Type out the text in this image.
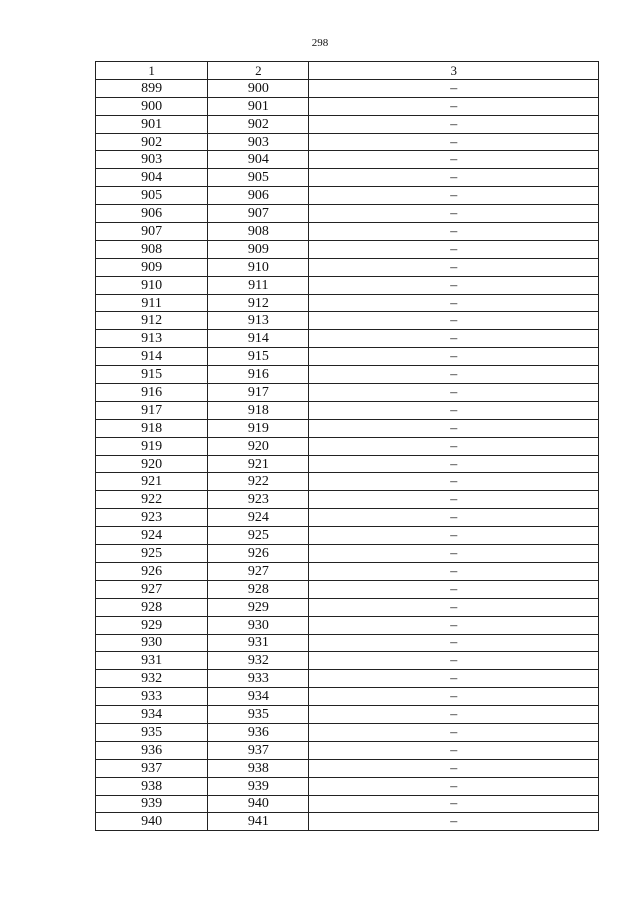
298
1	2	3
899	900	–
900	901	–
901	902	–
902	903	–
903	904	–
904	905	–
905	906	–
906	907	–
907	908	–
908	909	–
909	910	–
910	911	–
911	912	–
912	913	–
913	914	–
914	915	–
915	916	–
916	917	–
917	918	–
918	919	–
919	920	–
920	921	–
921	922	–
922	923	–
923	924	–
924	925	–
925	926	–
926	927	–
927	928	–
928	929	–
929	930	–
930	931	–
931	932	–
932	933	–
933	934	–
934	935	–
935	936	–
936	937	–
937	938	–
938	939	–
939	940	–
940	941	–
